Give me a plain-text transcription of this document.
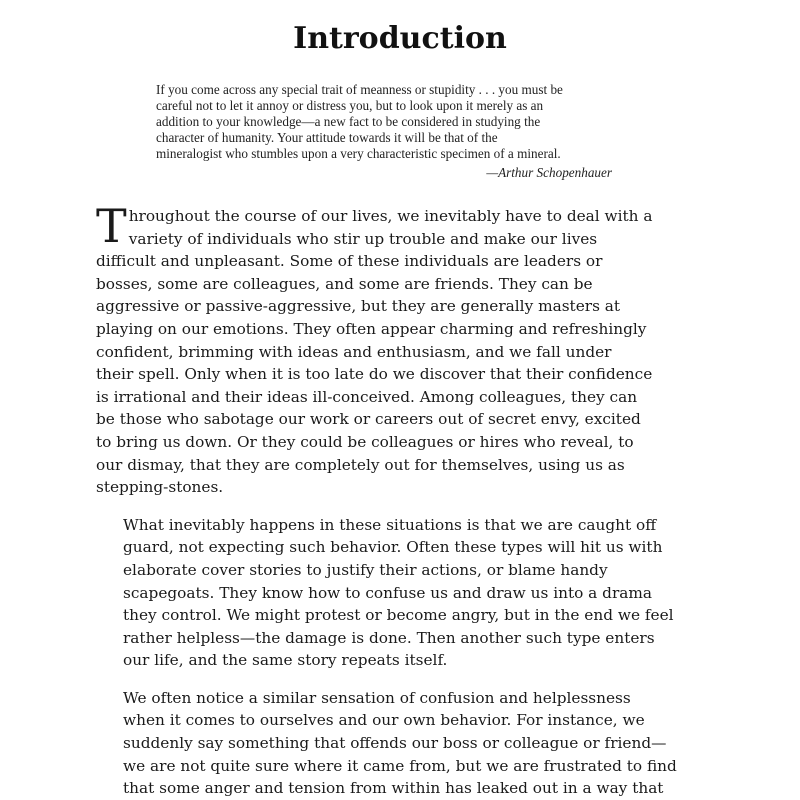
Introduction

If you come across any special trait of meanness or stupidity . . . you must be
careful not to let it annoy or distress you, but to look upon it merely as an
addition to your knowledge—a new fact to be considered in studying the
character of humanity. Your attitude towards it will be that of the
mineralogist who stumbles upon a very characteristic specimen of a mineral.

—Arthur Schopenhauer

T hroughout the course of our lives, we inevitably have to deal with a
variety of individuals who stir up trouble and make our lives
difficult and unpleasant. Some of these individuals are leaders or
bosses, some are colleagues, and some are friends. They can be
aggressive or passive-aggressive, but they are generally masters at
playing on our emotions. They often appear charming and refreshingly
confident, brimming with ideas and enthusiasm, and we fall under
their spell. Only when it is too late do we discover that their confidence
is irrational and their ideas ill-conceived. Among colleagues, they can
be those who sabotage our work or careers out of secret envy, excited
to bring us down. Or they could be colleagues or hires who reveal, to
our dismay, that they are completely out for themselves, using us as
stepping-stones.

What inevitably happens in these situations is that we are caught off
guard, not expecting such behavior. Often these types will hit us with
elaborate cover stories to justify their actions, or blame handy
scapegoats. They know how to confuse us and draw us into a drama
they control. We might protest or become angry, but in the end we feel
rather helpless—the damage is done. Then another such type enters
our life, and the same story repeats itself.

We often notice a similar sensation of confusion and helplessness
when it comes to ourselves and our own behavior. For instance, we
suddenly say something that offends our boss or colleague or friend—
we are not quite sure where it came from, but we are frustrated to find
that some anger and tension from within has leaked out in a way that
